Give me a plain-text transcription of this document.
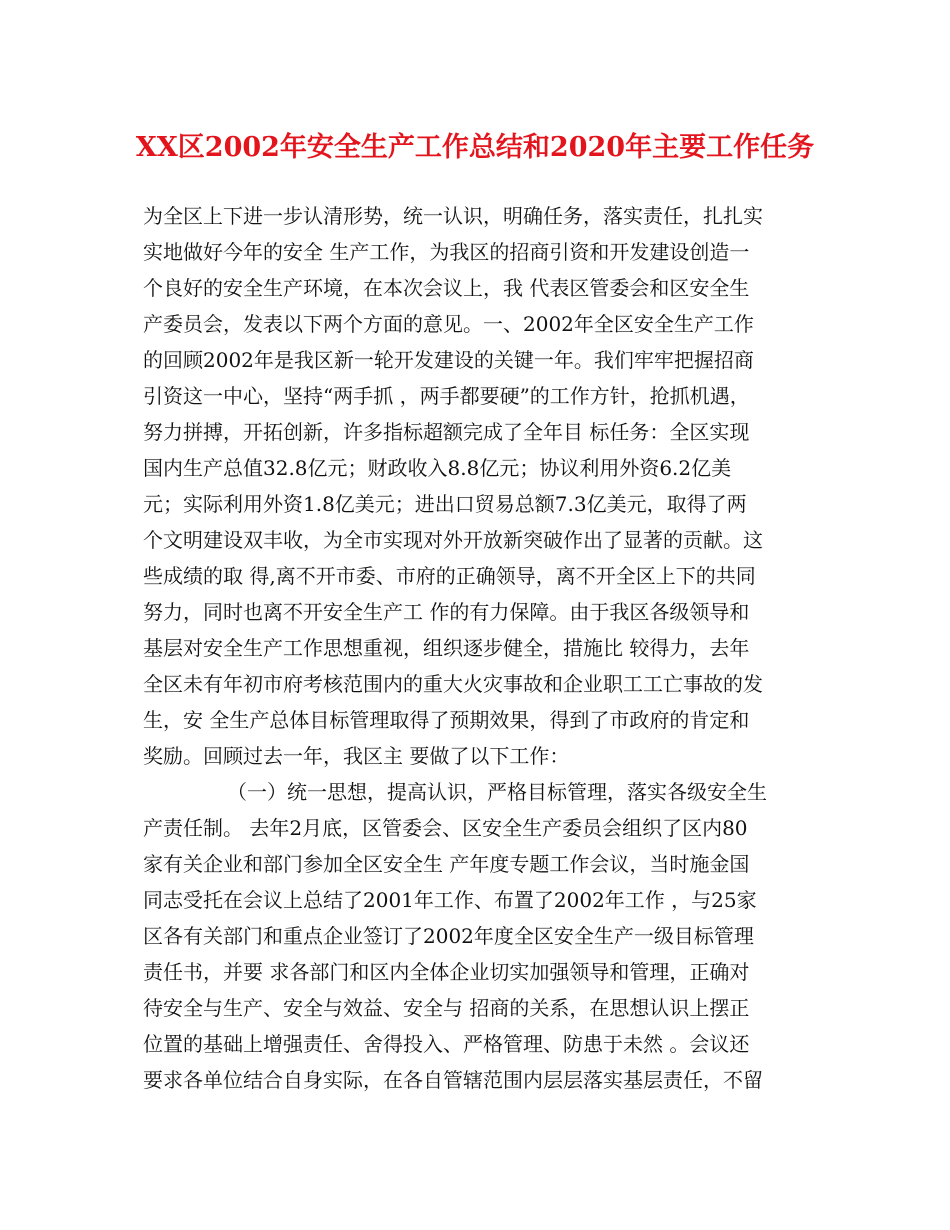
XX区2002年安全生产工作总结和2020年主要工作任务
为全区上下进一步认清形势，统一认识，明确任务，落实责任，扎扎实
实地做好今年的安全 生产工作，为我区的招商引资和开发建设创造一
个良好的安全生产环境，在本次会议上，我 代表区管委会和区安全生
产委员会，发表以下两个方面的意见。一、2002年全区安全生产工作
的回顾2002年是我区新一轮开发建设的关键一年。我们牢牢把握招商
引资这一中心，坚持“两手抓 ，两手都要硬”的工作方针，抢抓机遇，
努力拼搏，开拓创新，许多指标超额完成了全年目 标任务：全区实现
国内生产总值32.8亿元；财政收入8.8亿元；协议利用外资6.2亿美
元；实际利用外资1.8亿美元；进出口贸易总额7.3亿美元，取得了两
个文明建设双丰收，为全市实现对外开放新突破作出了显著的贡献。这
些成绩的取 得,离不开市委、市府的正确领导，离不开全区上下的共同
努力，同时也离不开安全生产工 作的有力保障。由于我区各级领导和
基层对安全生产工作思想重视，组织逐步健全，措施比 较得力，去年
全区未有年初市府考核范围内的重大火灾事故和企业职工工亡事故的发
生，安 全生产总体目标管理取得了预期效果，得到了市政府的肯定和
奖励。回顾过去一年，我区主 要做了以下工作：
（一）统一思想，提高认识，严格目标管理，落实各级安全生
产责任制。 去年2月底，区管委会、区安全生产委员会组织了区内80
家有关企业和部门参加全区安全生 产年度专题工作会议，当时施金国
同志受托在会议上总结了2001年工作、布置了2002年工作 ，与25家
区各有关部门和重点企业签订了2002年度全区安全生产一级目标管理
责任书，并要 求各部门和区内全体企业切实加强领导和管理，正确对
待安全与生产、安全与效益、安全与 招商的关系，在思想认识上摆正
位置的基础上增强责任、舍得投入、严格管理、防患于未然 。会议还
要求各单位结合自身实际，在各自管辖范围内层层落实基层责任，不留
